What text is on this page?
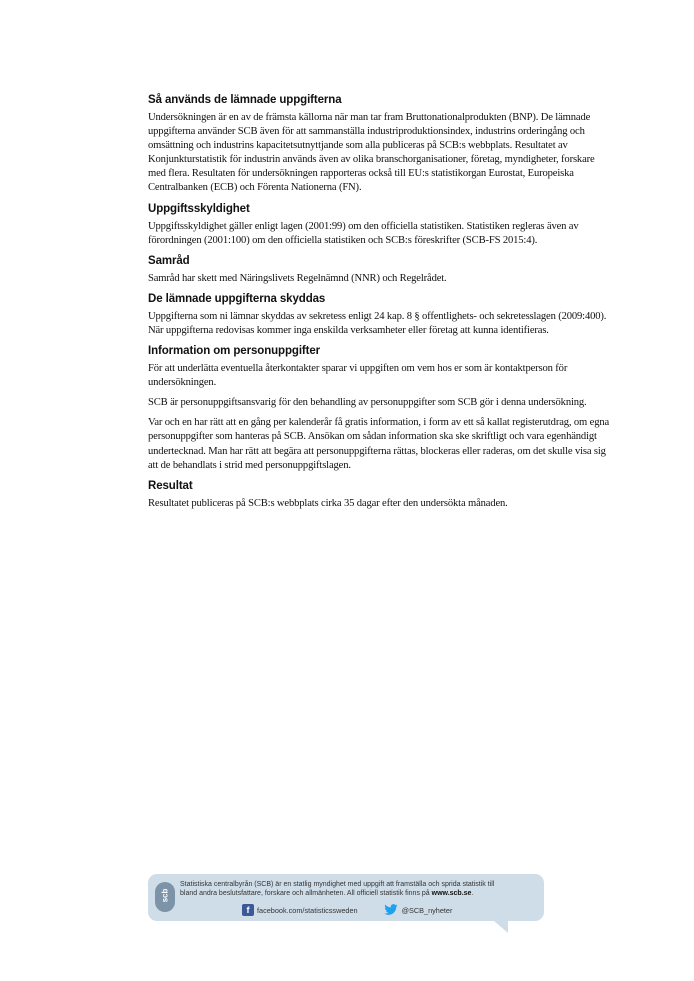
Så används de lämnade uppgifterna

Undersökningen är en av de främsta källorna när man tar fram Bruttonationalprodukten (BNP). De lämnade uppgifterna använder SCB även för att sammanställa industriproduktionsindex, industrins orderingång och omsättning och industrins kapacitetsutnyttjande som alla publiceras på SCB:s webbplats. Resultatet av Konjunkturstatistik för industrin används även av olika branschorganisationer, företag, myndigheter, forskare med flera. Resultaten för undersökningen rapporteras också till EU:s statistikorgan Eurostat, Europeiska Centralbanken (ECB) och Förenta Nationerna (FN).

Uppgiftsskyldighet

Uppgiftsskyldighet gäller enligt lagen (2001:99) om den officiella statistiken. Statistiken regleras även av förordningen (2001:100) om den officiella statistiken och SCB:s föreskrifter (SCB-FS 2015:4).

Samråd

Samråd har skett med Näringslivets Regelnämnd (NNR) och Regelrådet.

De lämnade uppgifterna skyddas

Uppgifterna som ni lämnar skyddas av sekretess enligt 24 kap. 8 § offentlighets- och sekretesslagen (2009:400). När uppgifterna redovisas kommer inga enskilda verksamheter eller företag att kunna identifieras.

Information om personuppgifter

För att underlätta eventuella återkontakter sparar vi uppgiften om vem hos er som är kontaktperson för undersökningen.

SCB är personuppgiftsansvarig för den behandling av personuppgifter som SCB gör i denna undersökning.

Var och en har rätt att en gång per kalenderår få gratis information, i form av ett så kallat registerutdrag, om egna personuppgifter som hanteras på SCB. Ansökan om sådan information ska ske skriftligt och vara egenhändigt undertecknad. Man har rätt att begära att personuppgifterna rättas, blockeras eller raderas, om det skulle visa sig att de behandlats i strid med personuppgiftslagen.

Resultat

Resultatet publiceras på SCB:s webbplats cirka 35 dagar efter den undersökta månaden.

scb
Statistiska centralbyrån (SCB) är en statlig myndighet med uppgift att framställa och sprida statistik till
bland andra beslutsfattare, forskare och allmänheten. All officiell statistik finns på www.scb.se.
f	facebook.com/statisticssweden	@SCB_nyheter
